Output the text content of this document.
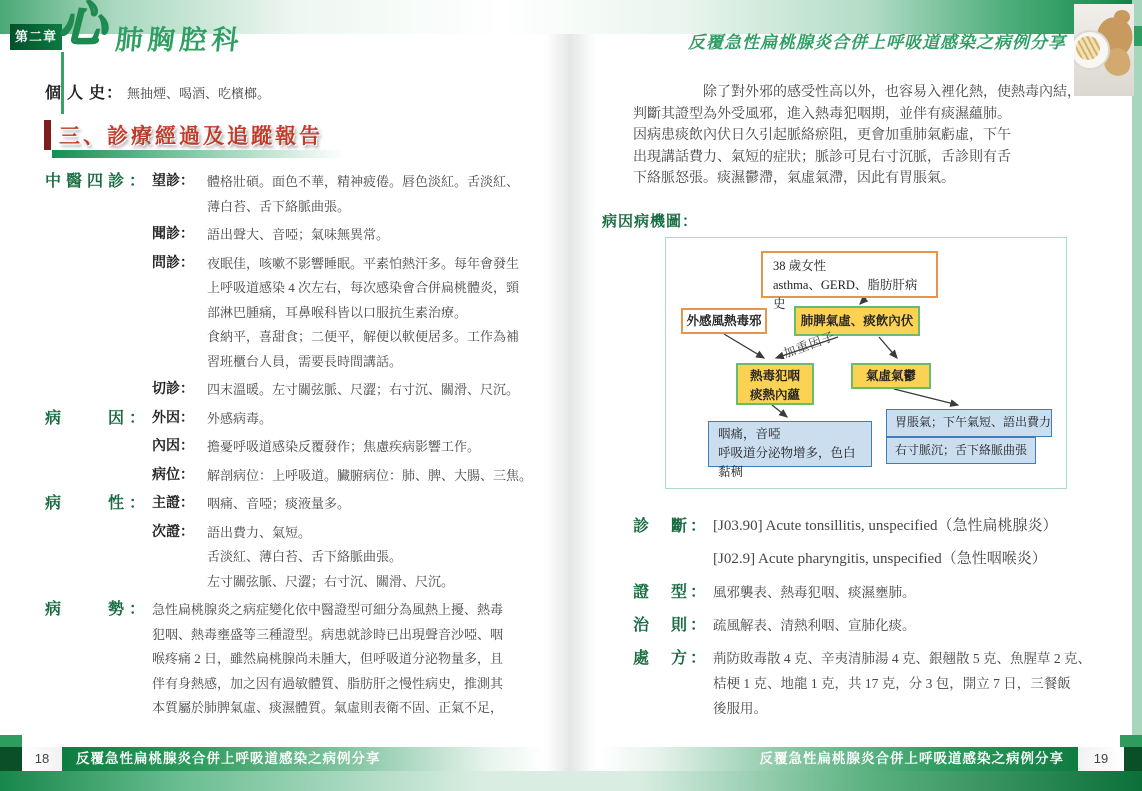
第二章 心 肺胸腔科	反覆急性扁桃腺炎合併上呼吸道感染之病例分享
個 人 史： 無抽煙、喝酒、吃檳榔。
三、診療經過及追蹤報告
中醫四診： 望診：	體格壯碩。面色不華，精神疲倦。唇色淡紅。舌淡紅、
薄白苔、舌下絡脈曲張。
聞診：	語出聲大、音啞；氣味無異常。
問診：	夜眠佳，咳嗽不影響睡眠。平素怕熱汗多。每年會發生
上呼吸道感染 4 次左右，每次感染會合併扁桃體炎，頸
部淋巴腫痛，耳鼻喉科皆以口服抗生素治療。
食納平，喜甜食；二便平，解便以軟便居多。工作為補
習班櫃台人員，需要長時間講話。
切診：	四末溫暖。左寸關弦脈、尺澀；右寸沉、關滑、尺沉。
病　　因： 外因：	外感病毒。
內因：	擔憂呼吸道感染反覆發作；焦慮疾病影響工作。
病位：	解剖病位：上呼吸道。臟腑病位：肺、脾、大腸、三焦。
病　　性： 主證：	咽痛、音啞；痰液量多。
次證：	語出費力、氣短。
舌淡紅、薄白苔、舌下絡脈曲張。
左寸關弦脈、尺澀；右寸沉、關滑、尺沉。
病　　勢： 急性扁桃腺炎之病症變化依中醫證型可細分為風熱上擾、熱毒
犯咽、熱毒壅盛等三種證型。病患就診時已出現聲音沙啞、咽
喉疼痛 2 日，雖然扁桃腺尚未腫大，但呼吸道分泌物量多，且
伴有身熱感，加之因有過敏體質、脂肪肝之慢性病史，推測其
本質屬於肺脾氣虛、痰濕體質。氣虛則表衛不固、正氣不足，
除了對外邪的感受性高以外，也容易入裡化熱，使熱毒內結，
判斷其證型為外受風邪，進入熱毒犯咽期，並伴有痰濕蘊肺。
因病患痰飲內伏日久引起脈絡瘀阻，更會加重肺氣虧虛，下午
出現講話費力、氣短的症狀；脈診可見右寸沉脈，舌診則有舌
下絡脈怒張。痰濕鬱滯，氣虛氣滯，因此有胃脹氣。
病因病機圖：
38 歲女性
asthma、GERD、脂肪肝病史
外感風熱毒邪	肺脾氣虛、痰飲內伏
加重因子
熱毒犯咽
痰熱內蘊
氣虛氣鬱
咽痛，音啞
呼吸道分泌物增多，色白黏稠
胃脹氣；下午氣短、語出費力
右寸脈沉；舌下絡脈曲張
診　斷： [J03.90] Acute tonsillitis, unspecified（急性扁桃腺炎）
[J02.9] Acute pharyngitis, unspecified（急性咽喉炎）
證　型： 風邪襲表、熱毒犯咽、痰濕壅肺。
治　則： 疏風解表、清熱利咽、宣肺化痰。
處　方： 荊防敗毒散 4 克、辛夷清肺湯 4 克、銀翹散 5 克、魚腥草 2 克、
桔梗 1 克、地龍 1 克，共 17 克，分 3 包，開立 7 日，三餐飯
後服用。
18	反覆急性扁桃腺炎合併上呼吸道感染之病例分享	反覆急性扁桃腺炎合併上呼吸道感染之病例分享	19
